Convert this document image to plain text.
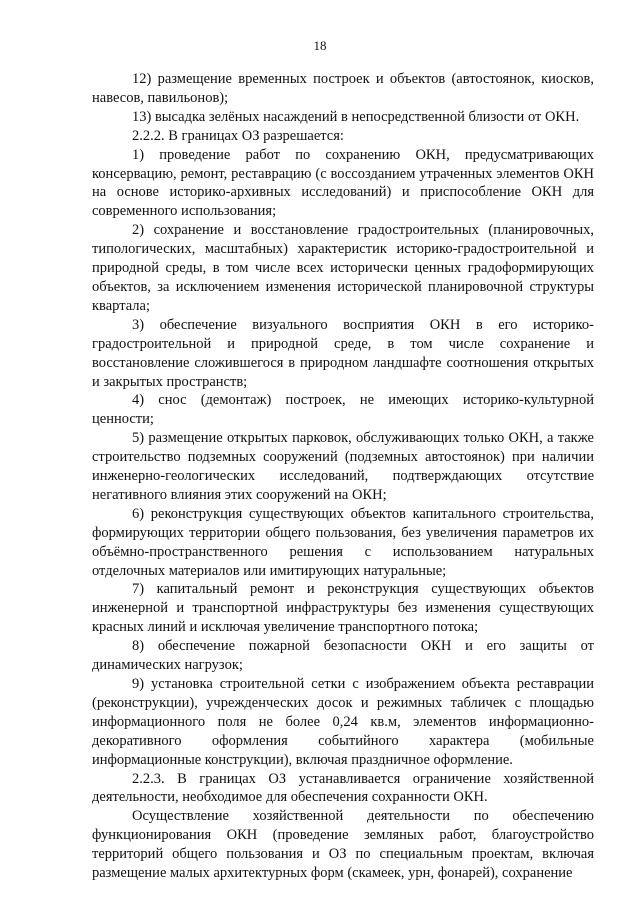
18

12) размещение временных построек и объектов (автостоянок, киосков, навесов, павильонов);

13) высадка зелёных насаждений в непосредственной близости от ОКН.

2.2.2. В границах ОЗ разрешается:

1) проведение работ по сохранению ОКН, предусматривающих консервацию, ремонт, реставрацию (с воссозданием утраченных элементов ОКН на основе историко-архивных исследований) и приспособление ОКН для современного использования;

2) сохранение и восстановление градостроительных (планировочных, типологических, масштабных) характеристик историко-градостроительной и природной среды, в том числе всех исторически ценных градоформирующих объектов, за исключением изменения исторической планировочной структуры квартала;

3) обеспечение визуального восприятия ОКН в его историко-градостроительной и природной среде, в том числе сохранение и восстановление сложившегося в природном ландшафте соотношения открытых и закрытых пространств;

4) снос (демонтаж) построек, не имеющих историко-культурной ценности;

5) размещение открытых парковок, обслуживающих только ОКН, а также строительство подземных сооружений (подземных автостоянок) при наличии инженерно-геологических исследований, подтверждающих отсутствие негативного влияния этих сооружений на ОКН;

6) реконструкция существующих объектов капитального строительства, формирующих территории общего пользования, без увеличения параметров их объёмно-пространственного решения с использованием натуральных отделочных материалов или имитирующих натуральные;

7) капитальный ремонт и реконструкция существующих объектов инженерной и транспортной инфраструктуры без изменения существующих красных линий и исключая увеличение транспортного потока;

8) обеспечение пожарной безопасности ОКН и его защиты от динамических нагрузок;

9) установка строительной сетки с изображением объекта реставрации (реконструкции), учрежденческих досок и режимных табличек с площадью информационного поля не более 0,24 кв.м, элементов информационно-декоративного оформления событийного характера (мобильные информационные конструкции), включая праздничное оформление.

2.2.3. В границах ОЗ устанавливается ограничение хозяйственной деятельности, необходимое для обеспечения сохранности ОКН.

Осуществление хозяйственной деятельности по обеспечению функционирования ОКН (проведение земляных работ, благоустройство территорий общего пользования и ОЗ по специальным проектам, включая размещение малых архитектурных форм (скамеек, урн, фонарей), сохранение
